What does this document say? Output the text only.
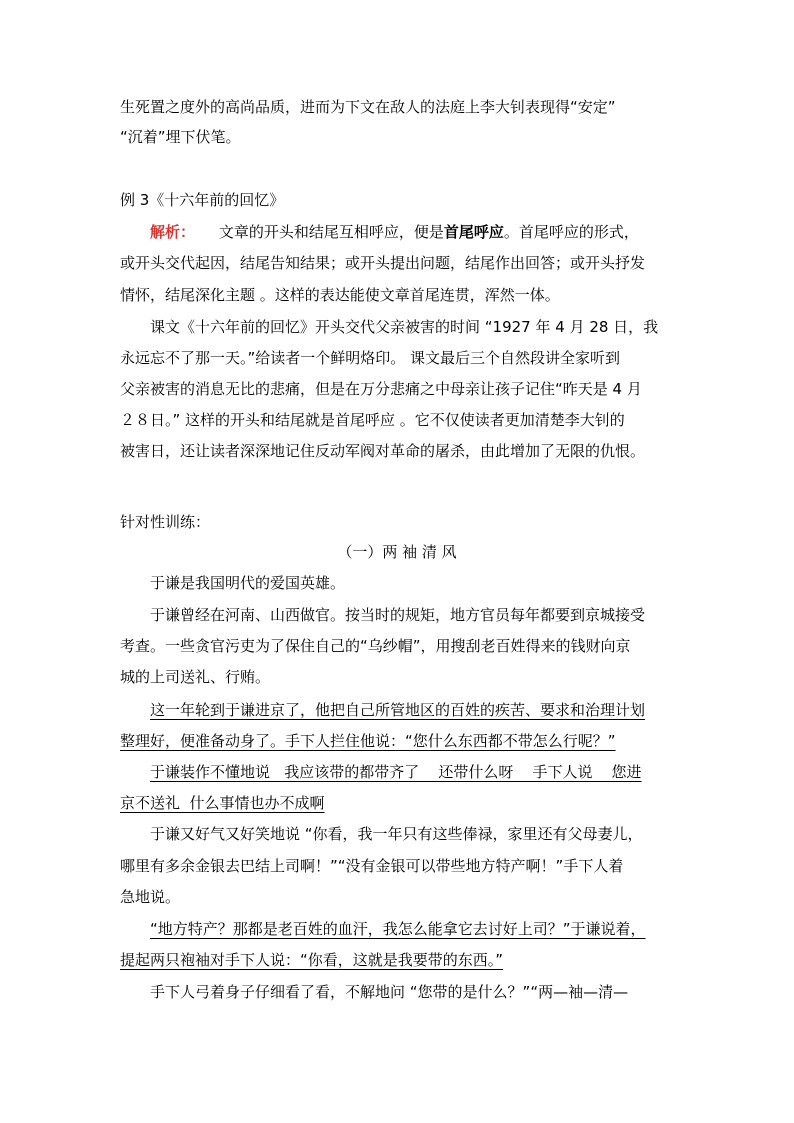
生死置之度外的高尚品质，进而为下文在敌人的法庭上李大钊表现得“安定”
“沉着”埋下伏笔。
例 3《十六年前的回忆》
解析：     文章的开头和结尾互相呼应，便是首尾呼应。首尾呼应的形式，
或开头交代起因，结尾告知结果；或开头提出问题，结尾作出回答；或开头抒发
情怀，结尾深化主题 。这样的表达能使文章首尾连贯，浑然一体。
课文《十六年前的回忆》开头交代父亲被害的时间 “1927 年 4 月 28 日，我
永远忘不了那一天。”给读者一个鲜明烙印。 课文最后三个自然段讲全家听到
父亲被害的消息无比的悲痛，但是在万分悲痛之中母亲让孩子记住“昨天是 4 月
２８日。” 这样的开头和结尾就是首尾呼应 。它不仅使读者更加清楚李大钊的
被害日，还让读者深深地记住反动军阀对革命的屠杀，由此增加了无限的仇恨。
针对性训练：
（一）两 袖 清 风
于谦是我国明代的爱国英雄。
于谦曾经在河南、山西做官。按当时的规矩，地方官员每年都要到京城接受
考查。一些贪官污吏为了保住自己的“乌纱帽”，用搜刮老百姓得来的钱财向京
城的上司送礼、行贿。
这一年轮到于谦进京了，他把自己所管地区的百姓的疾苦、要求和治理计划
整理好，便准备动身了。手下人拦住他说：“您什么东西都不带怎么行呢？”
于谦装作不懂地说   我应该带的都带齐了    还带什么呀    手下人说    您进
京不送礼  什么事情也办不成啊
于谦又好气又好笑地说 “你看，我一年只有这些俸禄，家里还有父母妻儿，
哪里有多余金银去巴结上司啊！”“没有金银可以带些地方特产啊！”手下人着
急地说。
“地方特产？那都是老百姓的血汗，我怎么能拿它去讨好上司？”于谦说着，
提起两只袍袖对手下人说：“你看，这就是我要带的东西。”
手下人弓着身子仔细看了看，不解地问 “您带的是什么？”“两—袖—清—
